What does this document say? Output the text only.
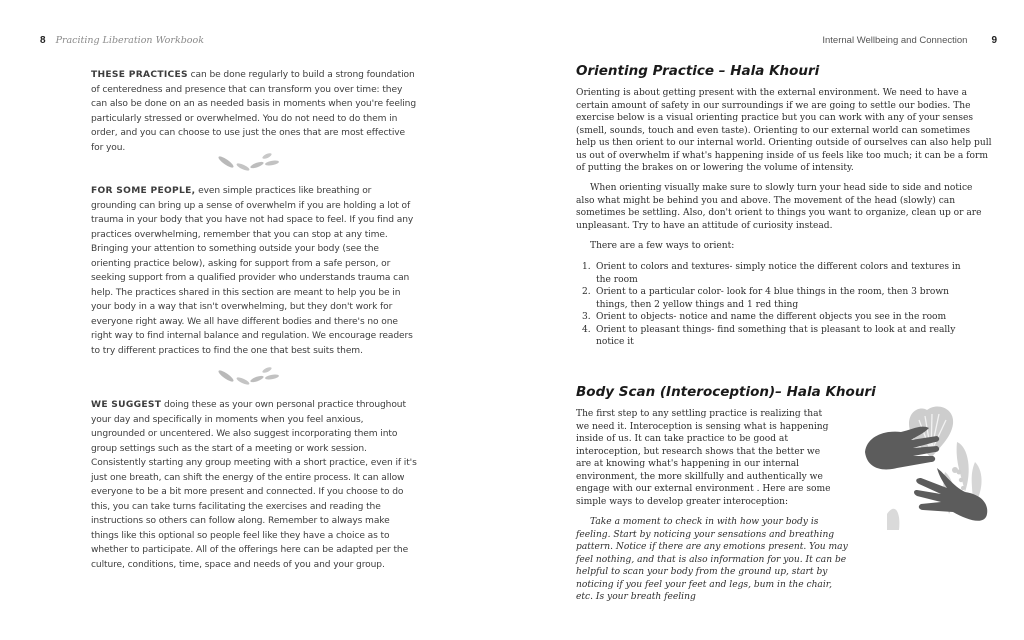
8 Praciting Liberation Workbook

THESE PRACTICES can be done regularly to build a strong foundation of centeredness and presence that can transform you over time: they can also be done on an as needed basis in moments when you're feeling particularly stressed or overwhelmed. You do not need to do them in order, and you can choose to use just the ones that are most effective for you.

FOR SOME PEOPLE, even simple practices like breathing or grounding can bring up a sense of overwhelm if you are holding a lot of trauma in your body that you have not had space to feel. If you find any practices overwhelming, remember that you can stop at any time. Bringing your attention to something outside your body (see the orienting practice below), asking for support from a safe person, or seeking support from a qualified provider who understands trauma can help. The practices shared in this section are meant to help you be in your body in a way that isn't overwhelming, but they don't work for everyone right away. We all have different bodies and there's no one right way to find internal balance and regulation. We encourage readers to try different practices to find the one that best suits them.

WE SUGGEST doing these as your own personal practice throughout your day and specifically in moments when you feel anxious, ungrounded or uncentered. We also suggest incorporating them into group settings such as the start of a meeting or work session. Consistently starting any group meeting with a short practice, even if it's just one breath, can shift the energy of the entire process. It can allow everyone to be a bit more present and connected. If you choose to do this, you can take turns facilitating the exercises and reading the instructions so others can follow along. Remember to always make things like this optional so people feel like they have a choice as to whether to participate. All of the offerings here can be adapted per the culture, conditions, time, space and needs of you and your group.

Internal Wellbeing and Connection 9
Orienting Practice – Hala Khouri

Orienting is about getting present with the external environment. We need to have a certain amount of safety in our surroundings if we are going to settle our bodies. The exercise below is a visual orienting practice but you can work with any of your senses (smell, sounds, touch and even taste). Orienting to our external world can sometimes help us then orient to our internal world. Orienting outside of ourselves can also help pull us out of overwhelm if what's happening inside of us feels like too much; it can be a form of putting the brakes on or lowering the volume of intensity.

When orienting visually make sure to slowly turn your head side to side and notice also what might be behind you and above. The movement of the head (slowly) can sometimes be settling. Also, don't orient to things you want to organize, clean up or are unpleasant. Try to have an attitude of curiosity instead.

There are a few ways to orient:

1. Orient to colors and textures- simply notice the different colors and textures in the room
2. Orient to a particular color- look for 4 blue things in the room, then 3 brown things, then 2 yellow things and 1 red thing
3. Orient to objects- notice and name the different objects you see in the room
4. Orient to pleasant things- find something that is pleasant to look at and really notice it
Body Scan (Interoception)– Hala Khouri

The first step to any settling practice is realizing that we need it. Interoception is sensing what is happening inside of us. It can take practice to be good at interoception, but research shows that the better we are at knowing what's happening in our internal environment, the more skillfully and authentically we engage with our external environment . Here are some simple ways to develop greater interoception:

Take a moment to check in with how your body is feeling. Start by noticing your sensations and breathing pattern. Notice if there are any emotions present. You may feel nothing, and that is also information for you. It can be helpful to scan your body from the ground up, start by noticing if you feel your feet and legs, bum in the chair, etc. Is your breath feeling
